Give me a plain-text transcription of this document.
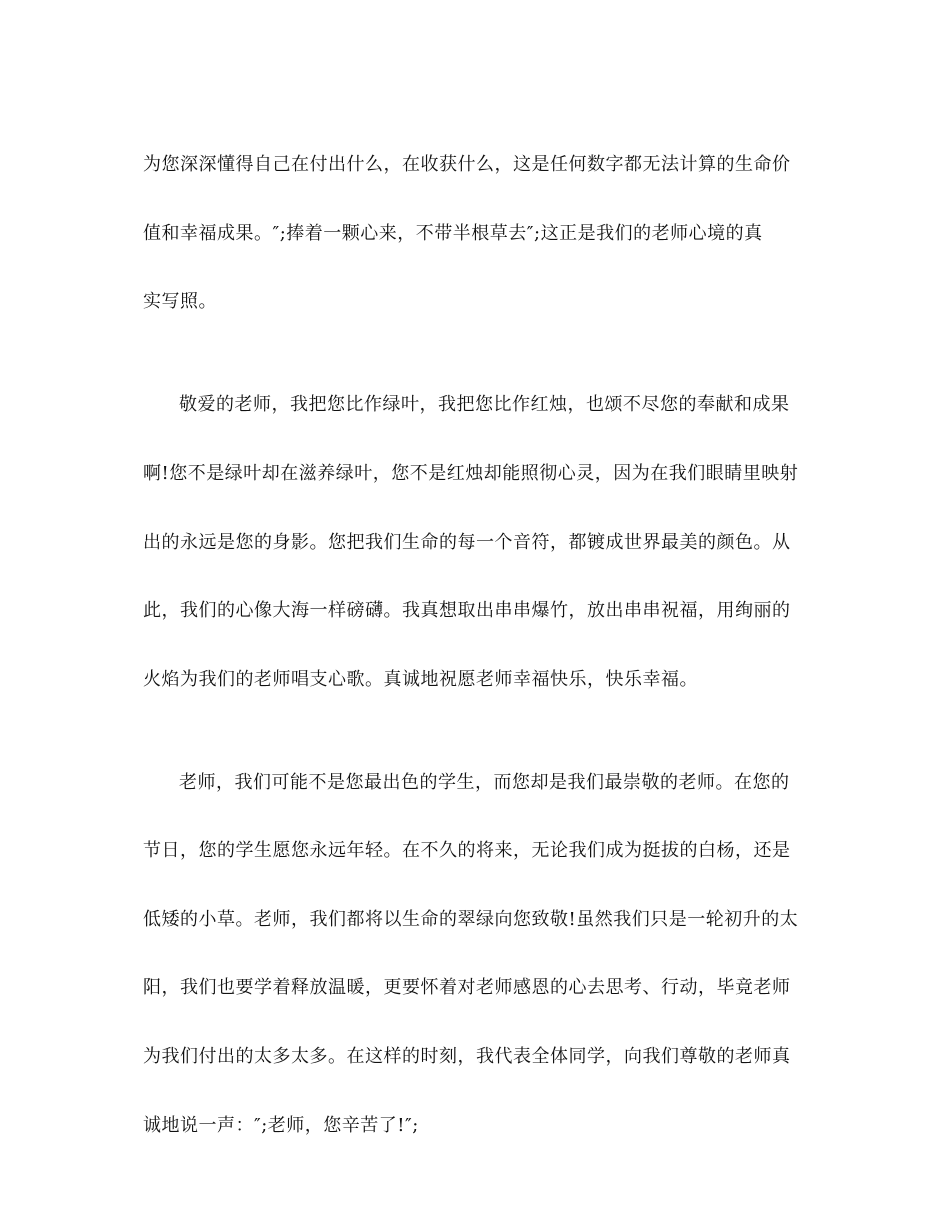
为您深深懂得自己在付出什么，在收获什么，这是任何数字都无法计算的生命价

值和幸福成果。″;捧着一颗心来，不带半根草去″;这正是我们的老师心境的真

实写照。

敬爱的老师，我把您比作绿叶，我把您比作红烛，也颂不尽您的奉献和成果

啊!您不是绿叶却在滋养绿叶，您不是红烛却能照彻心灵，因为在我们眼睛里映射

出的永远是您的身影。您把我们生命的每一个音符，都镀成世界最美的颜色。从

此，我们的心像大海一样磅礴。我真想取出串串爆竹，放出串串祝福，用绚丽的

火焰为我们的老师唱支心歌。真诚地祝愿老师幸福快乐，快乐幸福。

老师，我们可能不是您最出色的学生，而您却是我们最崇敬的老师。在您的

节日，您的学生愿您永远年轻。在不久的将来，无论我们成为挺拔的白杨，还是

低矮的小草。老师，我们都将以生命的翠绿向您致敬!虽然我们只是一轮初升的太

阳，我们也要学着释放温暖，更要怀着对老师感恩的心去思考、行动，毕竟老师

为我们付出的太多太多。在这样的时刻，我代表全体同学，向我们尊敬的老师真

诚地说一声：″;老师，您辛苦了!″;
